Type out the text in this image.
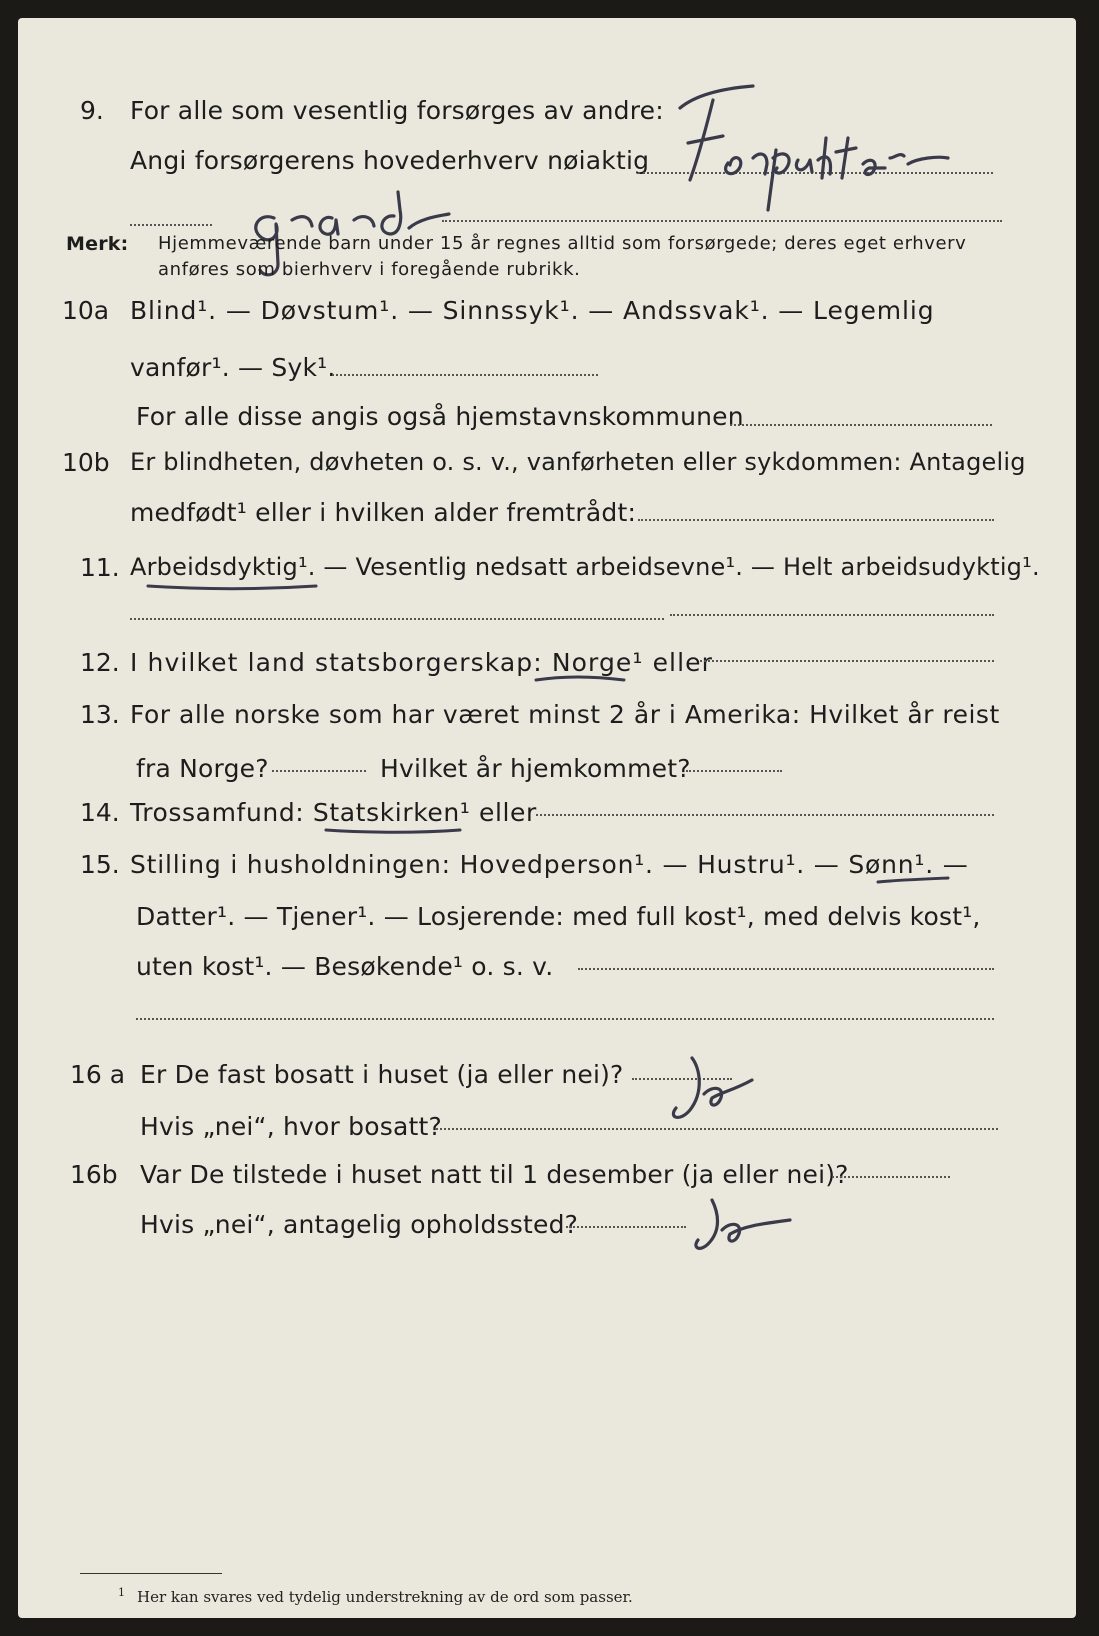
9. For alle som vesentlig forsørges av andre:
Angi forsørgerens hovederhverv nøiaktig
Merk: Hjemmeværende barn under 15 år regnes alltid som forsørgede; deres eget erhverv
anføres som bierhverv i foregående rubrikk.
10a Blind¹. — Døvstum¹. — Sinnssyk¹. — Andssvak¹. — Legemlig
vanfør¹. — Syk¹.
For alle disse angis også hjemstavnskommunen
10b Er blindheten, døvheten o. s. v., vanførheten eller sykdommen: Antagelig
medfødt¹ eller i hvilken alder fremtrådt:
11. Arbeidsdyktig¹. — Vesentlig nedsatt arbeidsevne¹. — Helt arbeidsudyktig¹.
12. I hvilket land statsborgerskap: Norge¹ eller
13. For alle norske som har været minst 2 år i Amerika: Hvilket år reist
fra Norge?	Hvilket år hjemkommet?
14. Trossamfund: Statskirken¹ eller
15. Stilling i husholdningen: Hovedperson¹. — Hustru¹. — Sønn¹. —
Datter¹. — Tjener¹. — Losjerende: med full kost¹, med delvis kost¹,
uten kost¹. — Besøkende¹ o. s. v.
16 a Er De fast bosatt i huset (ja eller nei)?
Hvis „nei“, hvor bosatt?
16b Var De tilstede i huset natt til 1 desember (ja eller nei)?
Hvis „nei“, antagelig opholdssted?
$^1$ Her kan svares ved tydelig understrekning av de ord som passer.
